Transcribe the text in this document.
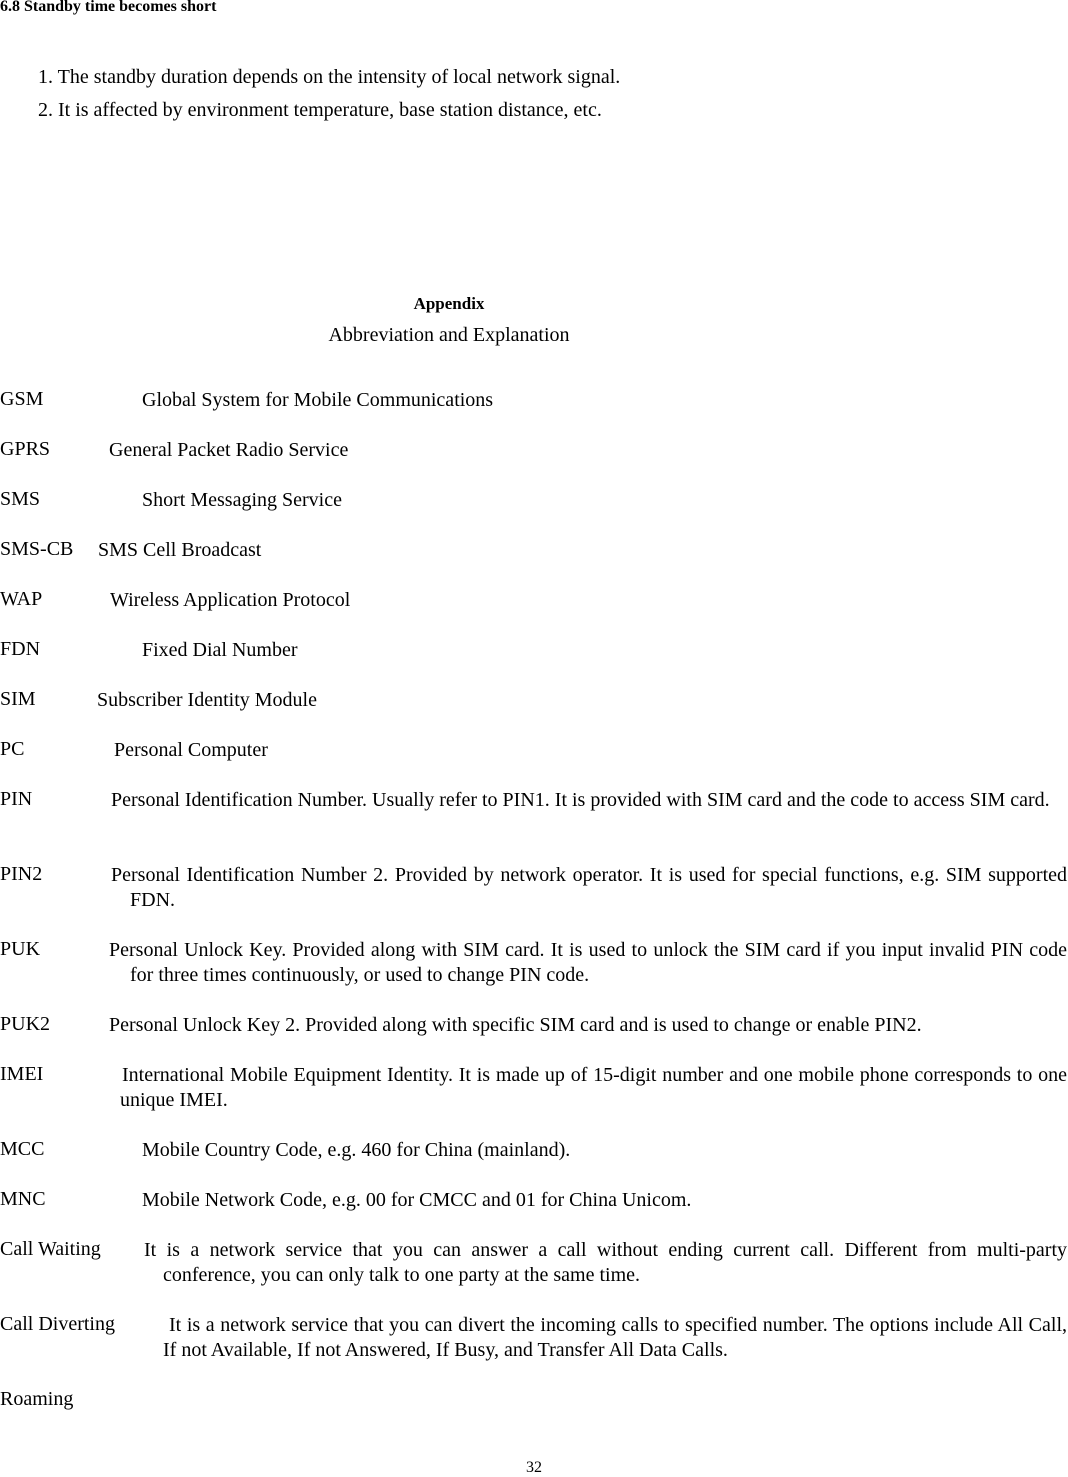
6.8 Standby time becomes short
1. The standby duration depends on the intensity of local network signal.
2. It is affected by environment temperature, base station distance, etc.
Appendix
Abbreviation and Explanation
GSM	Global System for Mobile Communications
GPRS	General Packet Radio Service
SMS	Short Messaging Service
SMS-CB SMS Cell Broadcast
WAP	Wireless Application Protocol
FDN	Fixed Dial Number
SIM	Subscriber Identity Module
PC	Personal Computer
PIN	Personal Identification Number. Usually refer to PIN1. It is provided with SIM card and the code to access SIM card.
PIN2	Personal Identification Number 2. Provided by network operator. It is used for special functions, e.g. SIM supported FDN.
PUK	Personal Unlock Key. Provided along with SIM card. It is used to unlock the SIM card if you input invalid PIN code for three times continuously, or used to change PIN code.
PUK2	Personal Unlock Key 2. Provided along with specific SIM card and is used to change or enable PIN2.
IMEI	International Mobile Equipment Identity. It is made up of 15-digit number and one mobile phone corresponds to one unique IMEI.
MCC	Mobile Country Code, e.g. 460 for China (mainland).
MNC	Mobile Network Code, e.g. 00 for CMCC and 01 for China Unicom.
Call Waiting It is a network service that you can answer a call without ending current call. Different from multi-party conference, you can only talk to one party at the same time.
Call Diverting	It is a network service that you can divert the incoming calls to specified number. The options include All Call, If not Available, If not Answered, If Busy, and Transfer All Data Calls.
Roaming
32
